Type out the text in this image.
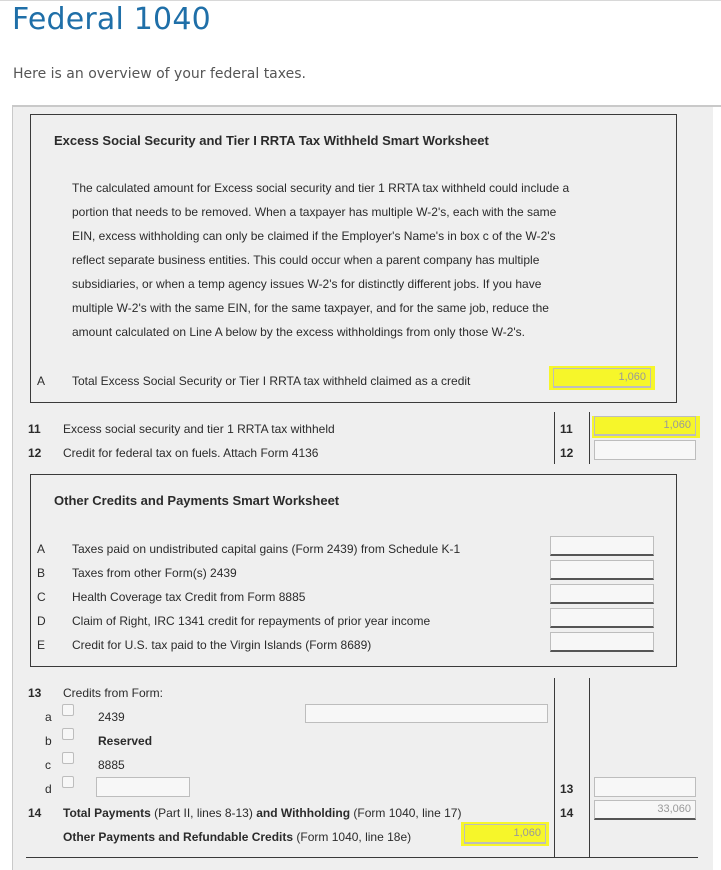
Federal 1040

Here is an overview of your federal taxes.

Excess Social Security and Tier I RRTA Tax Withheld Smart Worksheet
The calculated amount for Excess social security and tier 1 RRTA tax withheld could include a portion that needs to be removed. When a taxpayer has multiple W-2's, each with the same EIN, excess withholding can only be claimed if the Employer's Name's in box c of the W-2's reflect separate business entities. This could occur when a parent company has multiple subsidiaries, or when a temp agency issues W-2's for distinctly different jobs. If you have multiple W-2's with the same EIN, for the same taxpayer, and for the same job, reduce the amount calculated on Line A below by the excess withholdings from only those W-2's.
A Total Excess Social Security or Tier I RRTA tax withheld claimed as a credit	1,060
11 Excess social security and tier 1 RRTA tax withheld	11	1,060
12 Credit for federal tax on fuels. Attach Form 4136	12
Other Credits and Payments Smart Worksheet
A Taxes paid on undistributed capital gains (Form 2439) from Schedule K-1
B Taxes from other Form(s) 2439
C Health Coverage tax Credit from Form 8885
D Claim of Right, IRC 1341 credit for repayments of prior year income
E Credit for U.S. tax paid to the Virgin Islands (Form 8689)
13 Credits from Form:
a	2439
b	Reserved
c	8885
d	13
14 Total Payments (Part II, lines 8-13) and Withholding (Form 1040, line 17)	14	33,060
Other Payments and Refundable Credits (Form 1040, line 18e)	1,060
